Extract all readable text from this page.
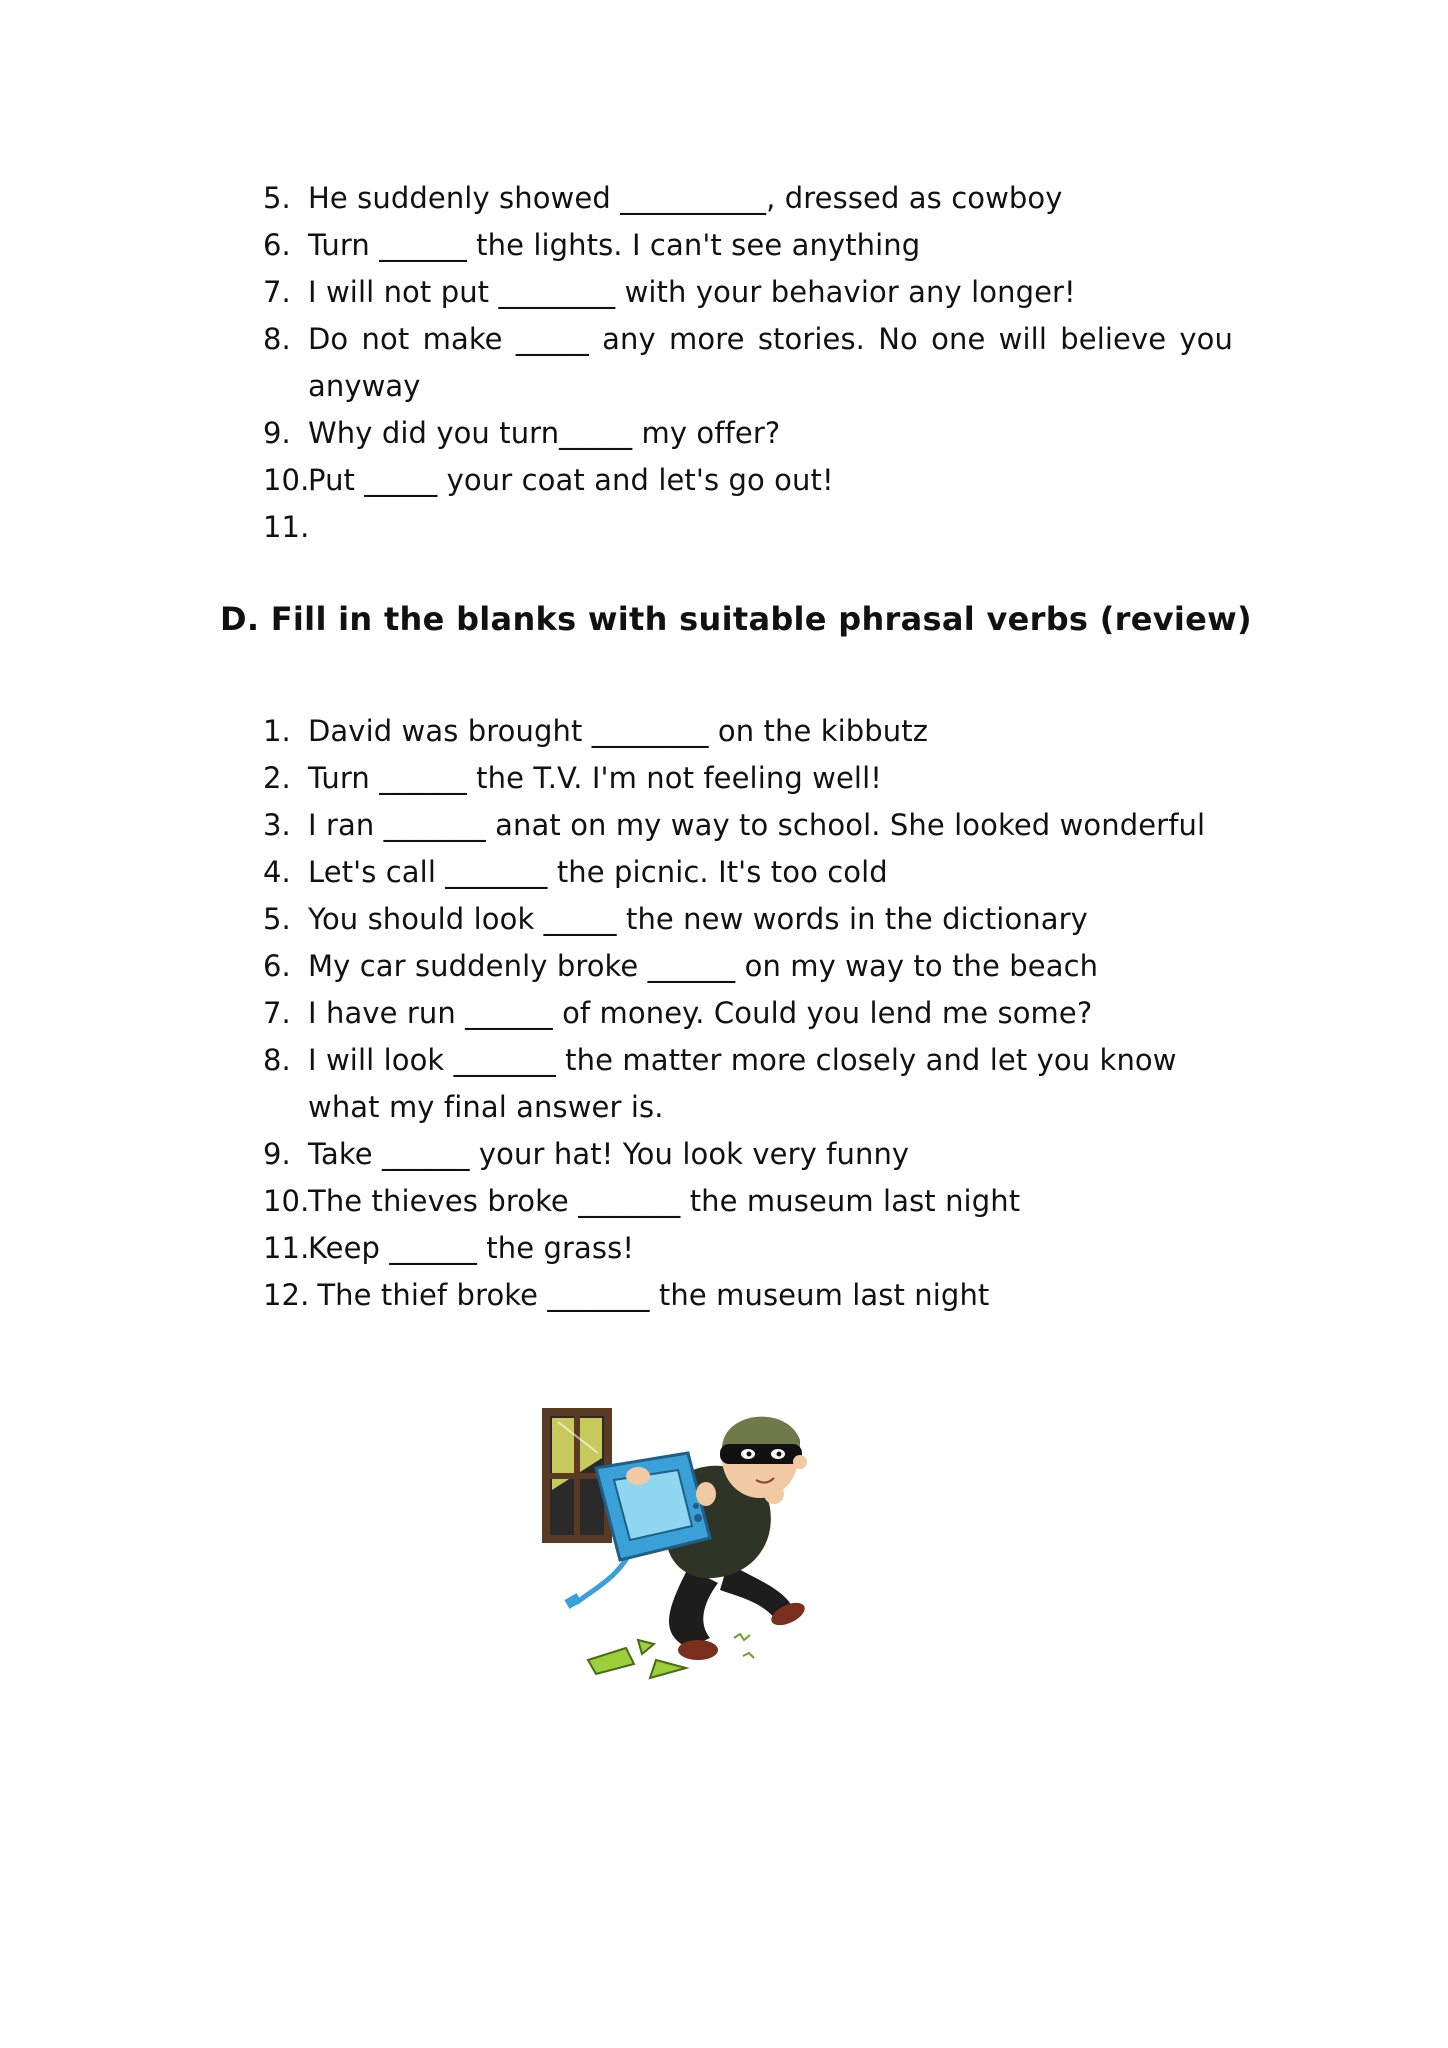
5. He suddenly showed __________, dressed as cowboy
6. Turn ______ the lights. I can't see anything
7. I will not put ________ with your behavior any longer!
8. Do not make _____ any more stories. No one will believe you anyway
9. Why did you turn_____ my offer?
10.
Put _____ your coat and let's go out!
11.
D. Fill in the blanks with suitable phrasal verbs (review)
1. David was brought ________ on the kibbutz
2. Turn ______ the T.V. I'm not feeling well!
3. I ran _______ anat on my way to school. She looked wonderful
4. Let's call _______ the picnic. It's too cold
5. You should look _____ the new words in the dictionary
6. My car suddenly broke ______ on my way to the beach
7. I have run ______ of money. Could you lend me some?
8. I will look _______ the matter more closely and let you know what my final answer is.
9. Take ______ your hat! You look very funny
10.
The thieves broke _______ the museum last night
11.
Keep ______ the grass!
12.
The thief broke _______ the museum last night
